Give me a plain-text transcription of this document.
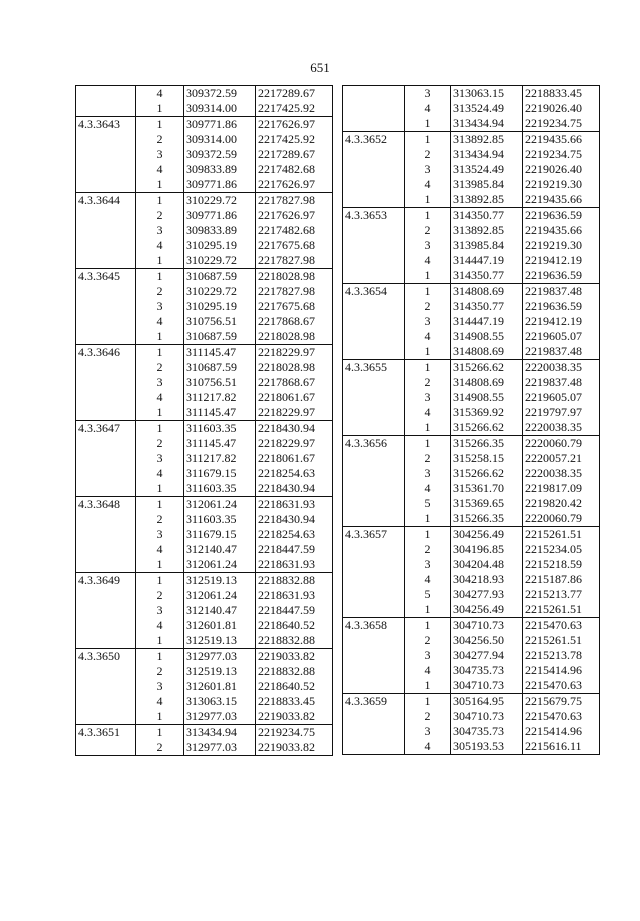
651
	4	309372.59	2217289.67
	1	309314.00	2217425.92
4.3.3643	1	309771.86	2217626.97
	2	309314.00	2217425.92
	3	309372.59	2217289.67
	4	309833.89	2217482.68
	1	309771.86	2217626.97
4.3.3644	1	310229.72	2217827.98
	2	309771.86	2217626.97
	3	309833.89	2217482.68
	4	310295.19	2217675.68
	1	310229.72	2217827.98
4.3.3645	1	310687.59	2218028.98
	2	310229.72	2217827.98
	3	310295.19	2217675.68
	4	310756.51	2217868.67
	1	310687.59	2218028.98
4.3.3646	1	311145.47	2218229.97
	2	310687.59	2218028.98
	3	310756.51	2217868.67
	4	311217.82	2218061.67
	1	311145.47	2218229.97
4.3.3647	1	311603.35	2218430.94
	2	311145.47	2218229.97
	3	311217.82	2218061.67
	4	311679.15	2218254.63
	1	311603.35	2218430.94
4.3.3648	1	312061.24	2218631.93
	2	311603.35	2218430.94
	3	311679.15	2218254.63
	4	312140.47	2218447.59
	1	312061.24	2218631.93
4.3.3649	1	312519.13	2218832.88
	2	312061.24	2218631.93
	3	312140.47	2218447.59
	4	312601.81	2218640.52
	1	312519.13	2218832.88
4.3.3650	1	312977.03	2219033.82
	2	312519.13	2218832.88
	3	312601.81	2218640.52
	4	313063.15	2218833.45
	1	312977.03	2219033.82
4.3.3651	1	313434.94	2219234.75
	2	312977.03	2219033.82
	3	313063.15	2218833.45
	4	313524.49	2219026.40
	1	313434.94	2219234.75
4.3.3652	1	313892.85	2219435.66
	2	313434.94	2219234.75
	3	313524.49	2219026.40
	4	313985.84	2219219.30
	1	313892.85	2219435.66
4.3.3653	1	314350.77	2219636.59
	2	313892.85	2219435.66
	3	313985.84	2219219.30
	4	314447.19	2219412.19
	1	314350.77	2219636.59
4.3.3654	1	314808.69	2219837.48
	2	314350.77	2219636.59
	3	314447.19	2219412.19
	4	314908.55	2219605.07
	1	314808.69	2219837.48
4.3.3655	1	315266.62	2220038.35
	2	314808.69	2219837.48
	3	314908.55	2219605.07
	4	315369.92	2219797.97
	1	315266.62	2220038.35
4.3.3656	1	315266.35	2220060.79
	2	315258.15	2220057.21
	3	315266.62	2220038.35
	4	315361.70	2219817.09
	5	315369.65	2219820.42
	1	315266.35	2220060.79
4.3.3657	1	304256.49	2215261.51
	2	304196.85	2215234.05
	3	304204.48	2215218.59
	4	304218.93	2215187.86
	5	304277.93	2215213.77
	1	304256.49	2215261.51
4.3.3658	1	304710.73	2215470.63
	2	304256.50	2215261.51
	3	304277.94	2215213.78
	4	304735.73	2215414.96
	1	304710.73	2215470.63
4.3.3659	1	305164.95	2215679.75
	2	304710.73	2215470.63
	3	304735.73	2215414.96
	4	305193.53	2215616.11
